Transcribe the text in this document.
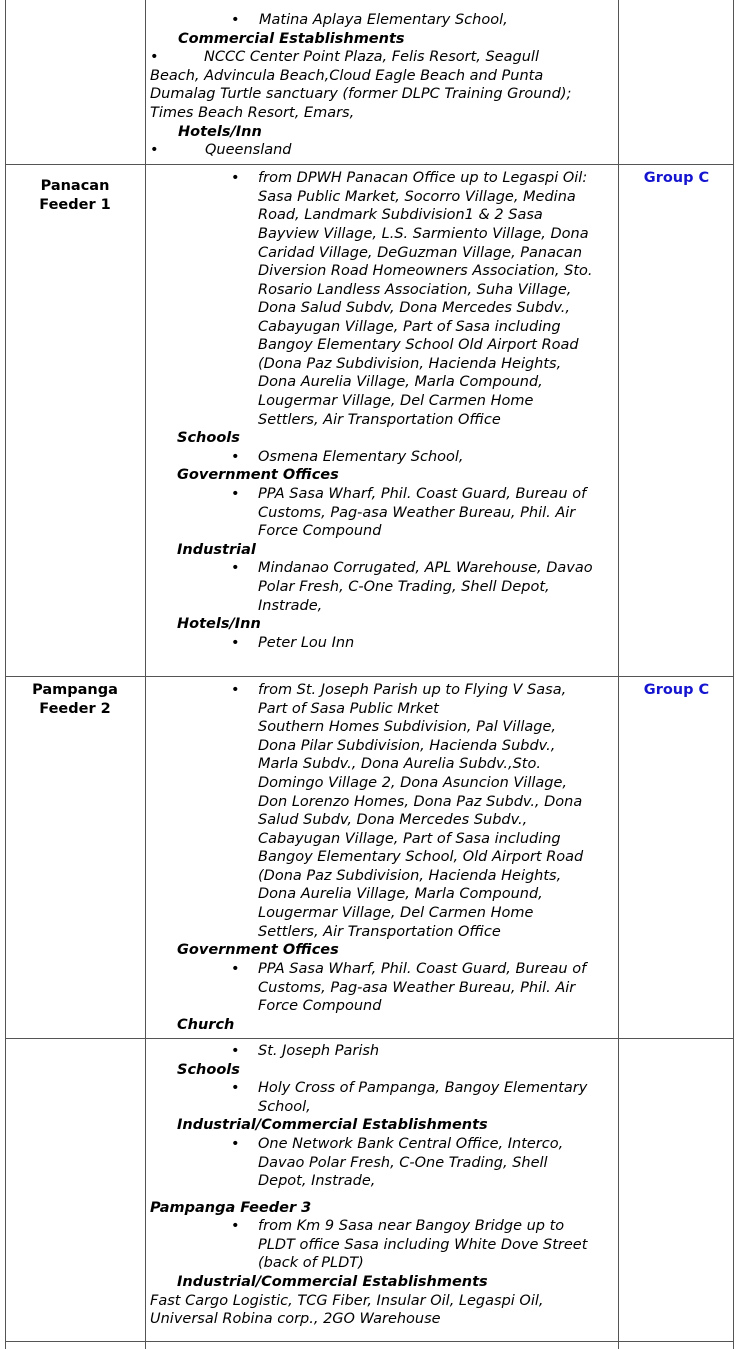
• Matina Aplaya Elementary School,
Commercial Establishments
•	NCCC Center Point Plaza, Felis Resort, Seagull
Beach, Advincula Beach,Cloud Eagle Beach and Punta
Dumalag Turtle sanctuary (former DLPC Training Ground);
Times Beach Resort, Emars,
Hotels/Inn
•	Queensland
Panacan
Feeder 1
Group C
• from DPWH Panacan Office up to Legaspi Oil:
Sasa Public Market, Socorro Village, Medina
Road, Landmark Subdivision1 & 2 Sasa
Bayview Village, L.S. Sarmiento Village, Dona
Caridad Village, DeGuzman Village, Panacan
Diversion Road Homeowners Association, Sto.
Rosario Landless Association, Suha Village,
Dona Salud Subdv, Dona Mercedes Subdv.,
Cabayugan Village, Part of Sasa including
Bangoy Elementary School Old Airport Road
(Dona Paz Subdivision, Hacienda Heights,
Dona Aurelia Village, Marla Compound,
Lougermar Village, Del Carmen Home
Settlers, Air Transportation Office
Schools
• Osmena Elementary School,
Government Offices
• PPA Sasa Wharf, Phil. Coast Guard, Bureau of
Customs, Pag-asa Weather Bureau, Phil. Air
Force Compound
Industrial
• Mindanao Corrugated, APL Warehouse, Davao
Polar Fresh, C-One Trading, Shell Depot,
Instrade,
Hotels/Inn
• Peter Lou Inn
Pampanga
Feeder 2
Group C
• from St. Joseph Parish up to Flying V Sasa,
Part of Sasa Public Mrket
Southern Homes Subdivision, Pal Village,
Dona Pilar Subdivision, Hacienda Subdv.,
Marla Subdv., Dona Aurelia Subdv.,Sto.
Domingo Village 2, Dona Asuncion Village,
Don Lorenzo Homes, Dona Paz Subdv., Dona
Salud Subdv, Dona Mercedes Subdv.,
Cabayugan Village, Part of Sasa including
Bangoy Elementary School, Old Airport Road
(Dona Paz Subdivision, Hacienda Heights,
Dona Aurelia Village, Marla Compound,
Lougermar Village, Del Carmen Home
Settlers, Air Transportation Office
Government Offices
• PPA Sasa Wharf, Phil. Coast Guard, Bureau of
Customs, Pag-asa Weather Bureau, Phil. Air
Force Compound
Church
• St. Joseph Parish
Schools
• Holy Cross of Pampanga, Bangoy Elementary
School,
Industrial/Commercial Establishments
• One Network Bank Central Office, Interco,
Davao Polar Fresh, C-One Trading, Shell
Depot, Instrade,
Pampanga Feeder 3
• from Km 9 Sasa near Bangoy Bridge up to
PLDT office Sasa including White Dove Street
(back of PLDT)
Industrial/Commercial Establishments
Fast Cargo Logistic, TCG Fiber, Insular Oil, Legaspi Oil,
Universal Robina corp., 2GO Warehouse
